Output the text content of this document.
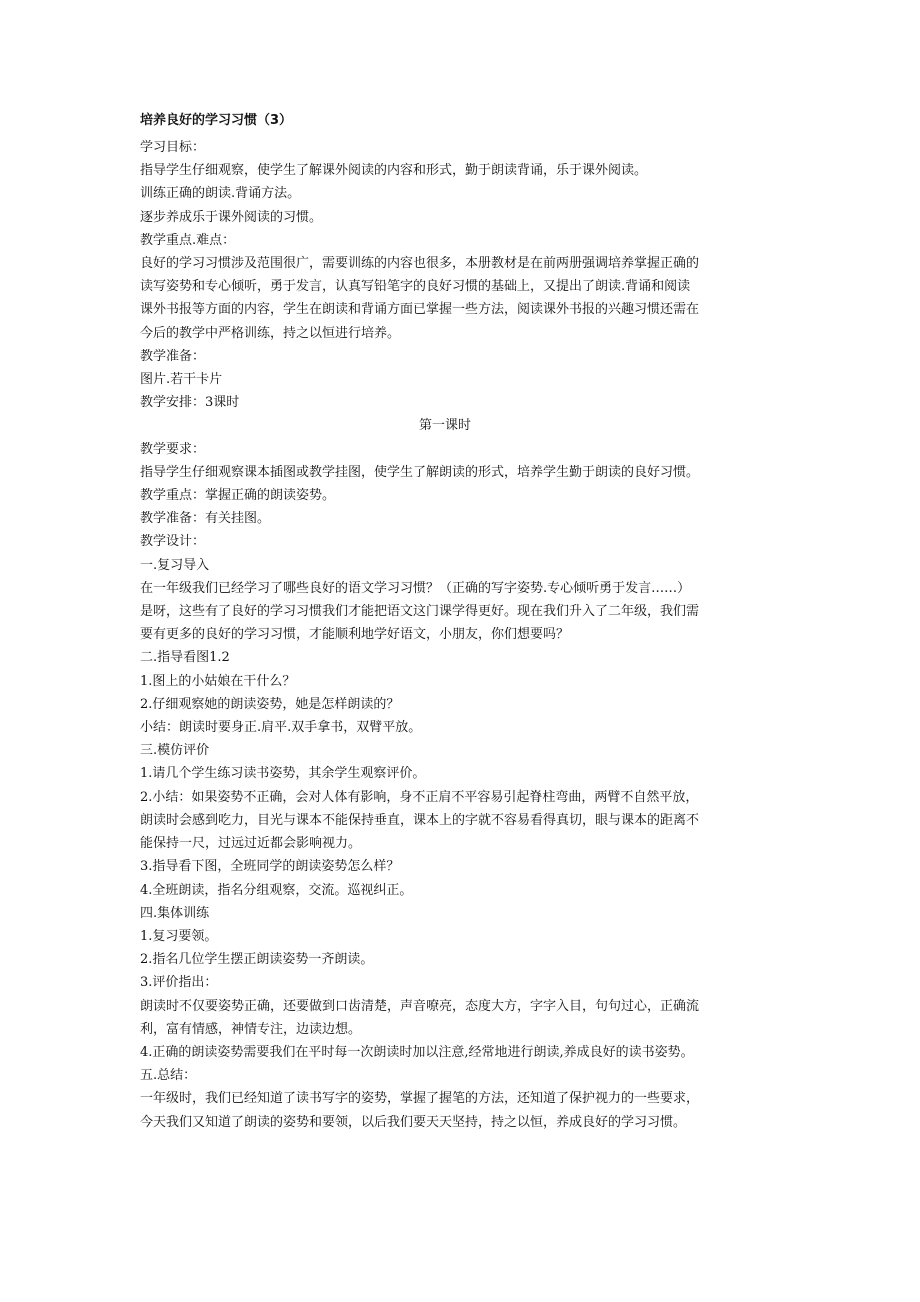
培养良好的学习习惯（3）
学习目标：
指导学生仔细观察，使学生了解课外阅读的内容和形式，勤于朗读背诵，乐于课外阅读。
训练正确的朗读.背诵方法。
逐步养成乐于课外阅读的习惯。
教学重点.难点：
良好的学习习惯涉及范围很广，需要训练的内容也很多，本册教材是在前两册强调培养掌握正确的
读写姿势和专心倾听，勇于发言，认真写铅笔字的良好习惯的基础上，又提出了朗读.背诵和阅读
课外书报等方面的内容，学生在朗读和背诵方面已掌握一些方法，阅读课外书报的兴趣习惯还需在
今后的教学中严格训练，持之以恒进行培养。
教学准备：
图片.若干卡片
教学安排：3课时
第一课时
教学要求：
指导学生仔细观察课本插图或教学挂图，使学生了解朗读的形式，培养学生勤于朗读的良好习惯。
教学重点：掌握正确的朗读姿势。
教学准备：有关挂图。
教学设计：
一.复习导入
在一年级我们已经学习了哪些良好的语文学习习惯？（正确的写字姿势.专心倾听勇于发言……）
是呀，这些有了良好的学习习惯我们才能把语文这门课学得更好。现在我们升入了二年级，我们需
要有更多的良好的学习习惯，才能顺利地学好语文，小朋友，你们想要吗？
二.指导看图1.2
1.图上的小姑娘在干什么？
2.仔细观察她的朗读姿势，她是怎样朗读的？
小结：朗读时要身正.肩平.双手拿书，双臂平放。
三.模仿评价
1.请几个学生练习读书姿势，其余学生观察评价。
2.小结：如果姿势不正确，会对人体有影响，身不正肩不平容易引起脊柱弯曲，两臂不自然平放，
朗读时会感到吃力，目光与课本不能保持垂直，课本上的字就不容易看得真切，眼与课本的距离不
能保持一尺，过远过近都会影响视力。
3.指导看下图，全班同学的朗读姿势怎么样？
4.全班朗读，指名分组观察，交流。巡视纠正。
四.集体训练
1.复习要领。
2.指名几位学生摆正朗读姿势一齐朗读。
3.评价指出：
朗读时不仅要姿势正确，还要做到口齿清楚，声音嘹亮，态度大方，字字入目，句句过心，正确流
利，富有情感，神情专注，边读边想。
4.正确的朗读姿势需要我们在平时每一次朗读时加以注意,经常地进行朗读,养成良好的读书姿势。
五.总结：
一年级时，我们已经知道了读书写字的姿势，掌握了握笔的方法，还知道了保护视力的一些要求，
今天我们又知道了朗读的姿势和要领，以后我们要天天坚持，持之以恒，养成良好的学习习惯。
